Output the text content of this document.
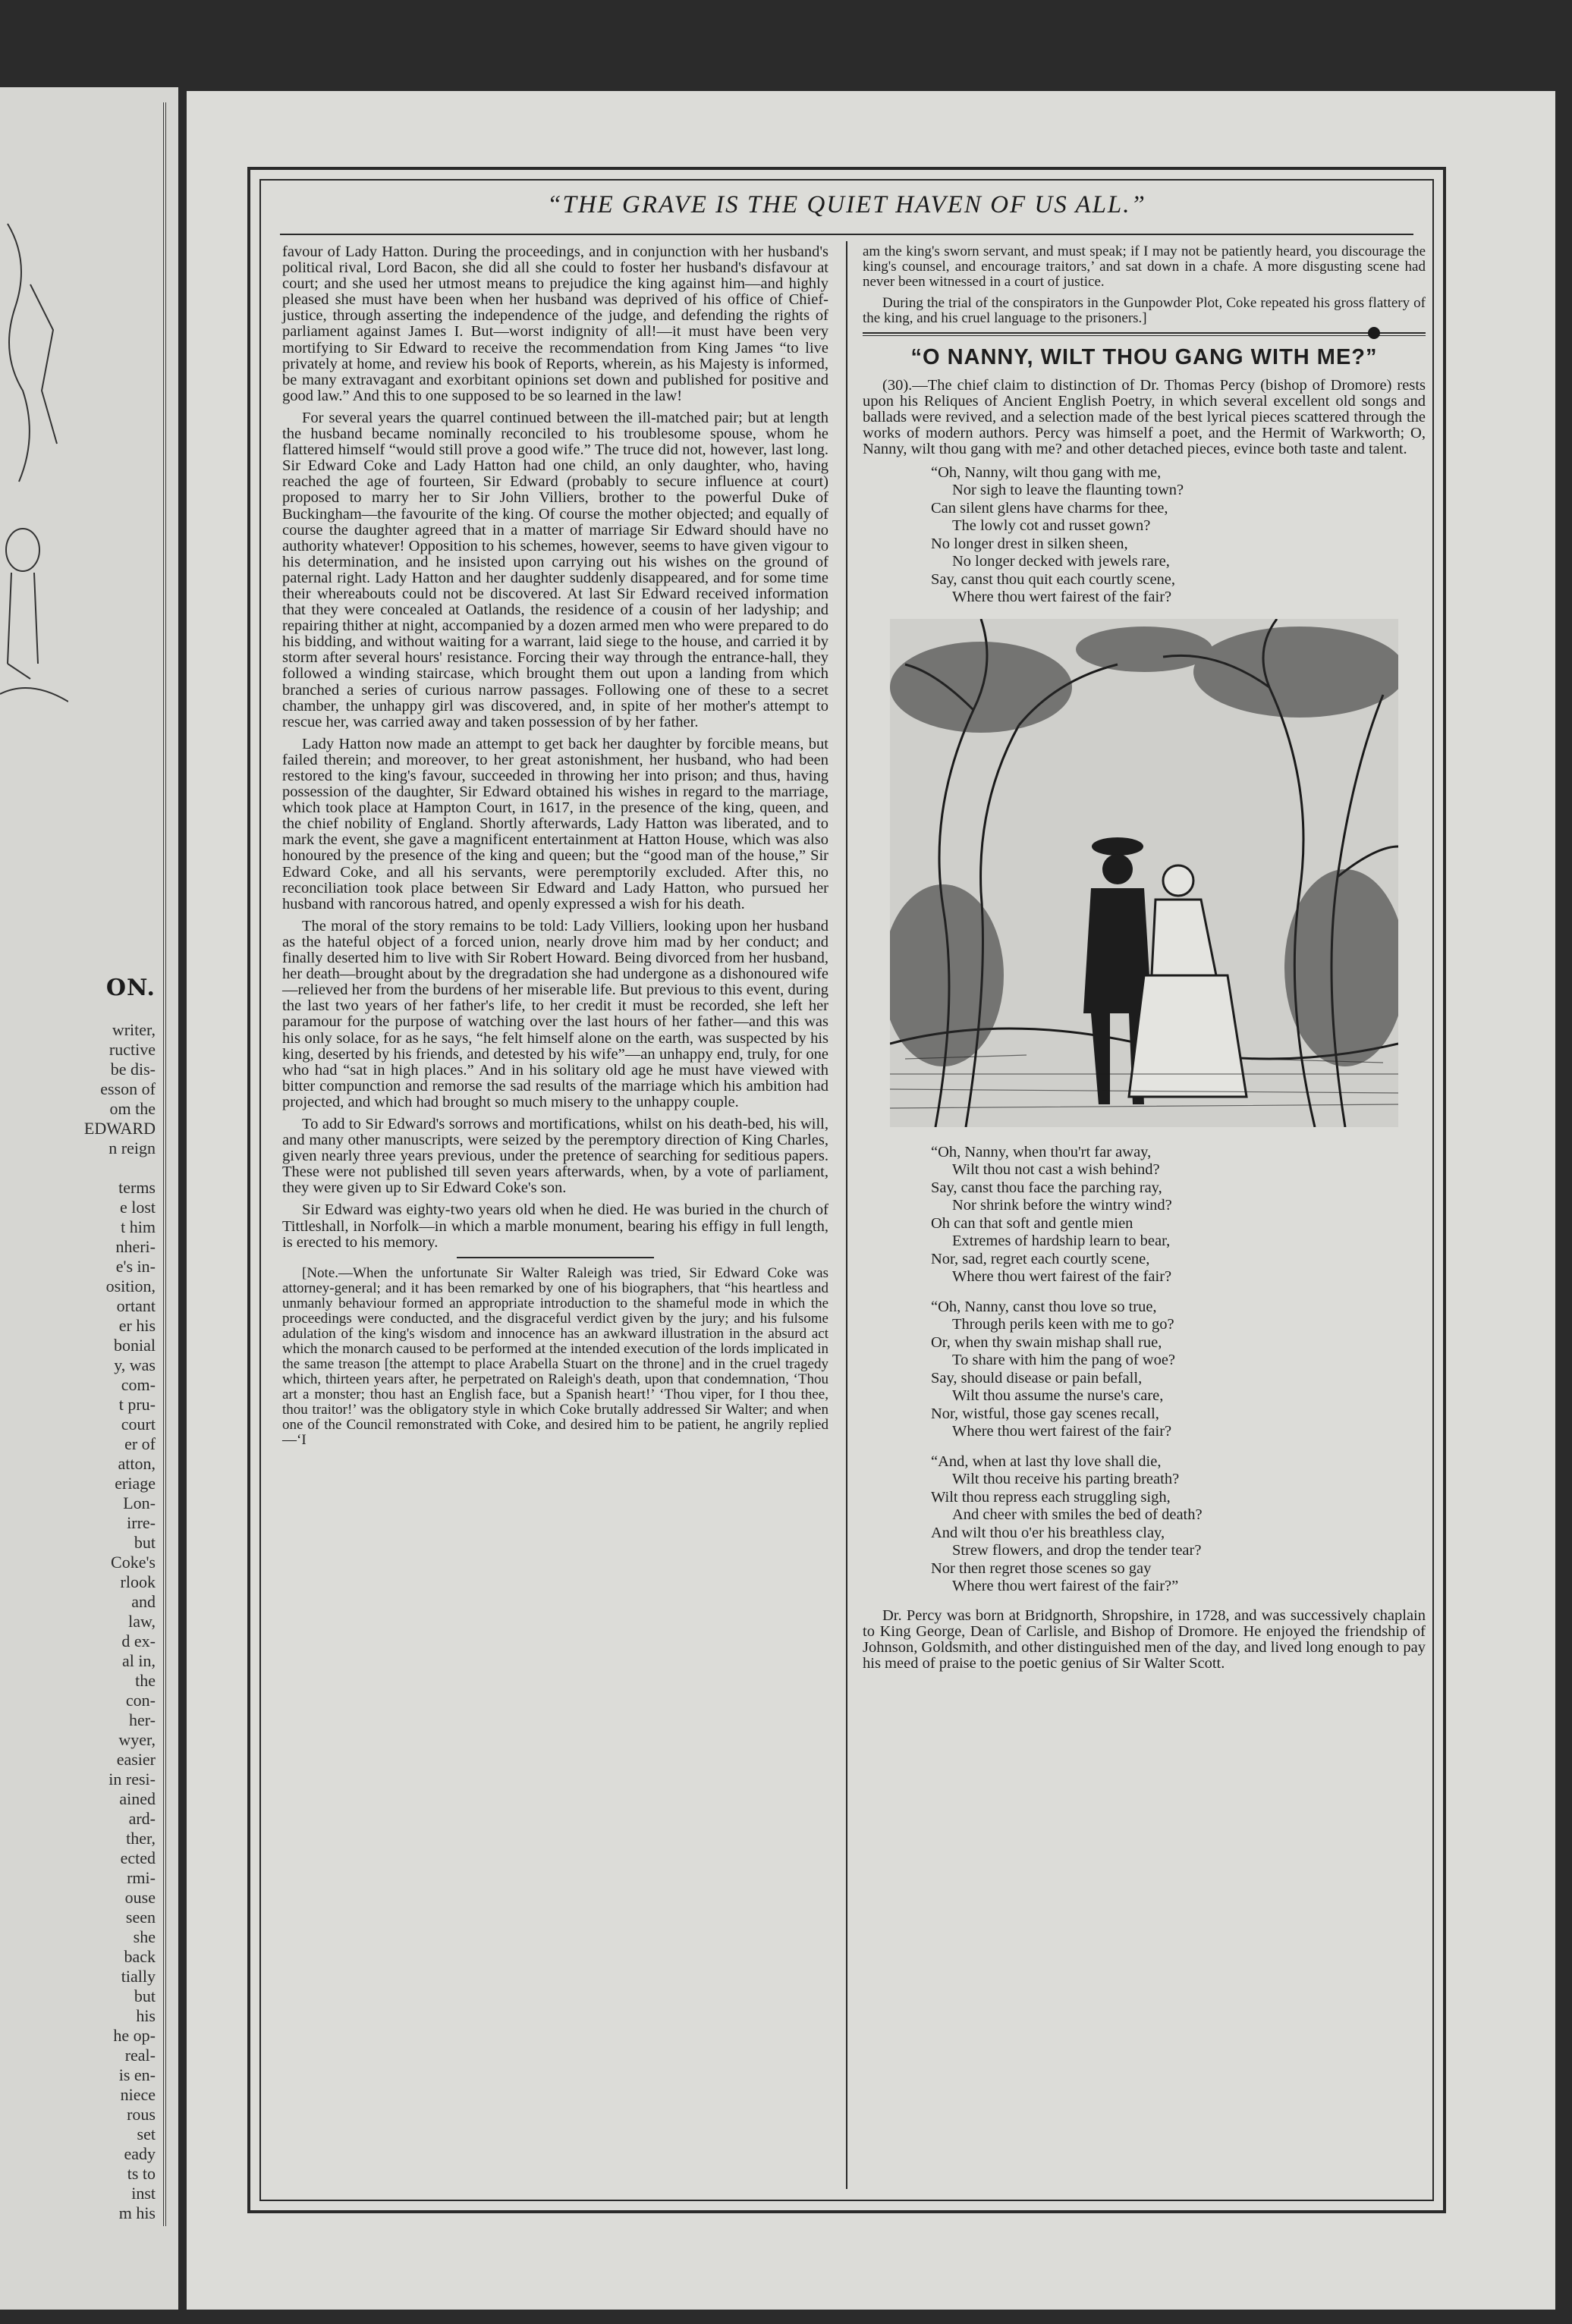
ON.
writer,
ructive
be dis-
esson of
om the
EDWARD
n reign

terms
e lost
t him
nheri-
e's in-
osition,
ortant
er his
bonial
y, was
com-
t pru-
court
er of
atton,
eriage
Lon-
irre-
but
Coke's
rlook
and
law,
d ex-
al in,
the
con-
her-
wyer,
easier
in resi-
ained
ard-
ther,
ected
rmi-
ouse
seen
she
back
tially
but
his
he op-
real-
is en-
niece
rous
set
eady
ts to
inst
m his
“THE GRAVE IS THE QUIET HAVEN OF US ALL.”

favour of Lady Hatton. During the proceedings, and in conjunction with her husband's political rival, Lord Bacon, she did all she could to foster her husband's disfavour at court; and she used her utmost means to prejudice the king against him—and highly pleased she must have been when her husband was deprived of his office of Chief-justice, through asserting the independence of the judge, and defending the rights of parliament against James I. But—worst indignity of all!—it must have been very mortifying to Sir Edward to receive the recommendation from King James “to live privately at home, and review his book of Reports, wherein, as his Majesty is informed, be many extravagant and exorbitant opinions set down and published for positive and good law.” And this to one supposed to be so learned in the law!

For several years the quarrel continued between the ill-matched pair; but at length the husband became nominally reconciled to his troublesome spouse, whom he flattered himself “would still prove a good wife.” The truce did not, however, last long. Sir Edward Coke and Lady Hatton had one child, an only daughter, who, having reached the age of fourteen, Sir Edward (probably to secure influence at court) proposed to marry her to Sir John Villiers, brother to the powerful Duke of Buckingham—the favourite of the king. Of course the mother objected; and equally of course the daughter agreed that in a matter of marriage Sir Edward should have no authority whatever! Opposition to his schemes, however, seems to have given vigour to his determination, and he insisted upon carrying out his wishes on the ground of paternal right. Lady Hatton and her daughter suddenly disappeared, and for some time their whereabouts could not be discovered. At last Sir Edward received information that they were concealed at Oatlands, the residence of a cousin of her ladyship; and repairing thither at night, accompanied by a dozen armed men who were prepared to do his bidding, and without waiting for a warrant, laid siege to the house, and carried it by storm after several hours' resistance. Forcing their way through the entrance-hall, they followed a winding staircase, which brought them out upon a landing from which branched a series of curious narrow passages. Following one of these to a secret chamber, the unhappy girl was discovered, and, in spite of her mother's attempt to rescue her, was carried away and taken possession of by her father.

Lady Hatton now made an attempt to get back her daughter by forcible means, but failed therein; and moreover, to her great astonishment, her husband, who had been restored to the king's favour, succeeded in throwing her into prison; and thus, having possession of the daughter, Sir Edward obtained his wishes in regard to the marriage, which took place at Hampton Court, in 1617, in the presence of the king, queen, and the chief nobility of England. Shortly afterwards, Lady Hatton was liberated, and to mark the event, she gave a magnificent entertainment at Hatton House, which was also honoured by the presence of the king and queen; but the “good man of the house,” Sir Edward Coke, and all his servants, were peremptorily excluded. After this, no reconciliation took place between Sir Edward and Lady Hatton, who pursued her husband with rancorous hatred, and openly expressed a wish for his death.

The moral of the story remains to be told: Lady Villiers, looking upon her husband as the hateful object of a forced union, nearly drove him mad by her conduct; and finally deserted him to live with Sir Robert Howard. Being divorced from her husband, her death—brought about by the dregradation she had undergone as a dishonoured wife—relieved her from the burdens of her miserable life. But previous to this event, during the last two years of her father's life, to her credit it must be recorded, she left her paramour for the purpose of watching over the last hours of her father—and this was his only solace, for as he says, “he felt himself alone on the earth, was suspected by his king, deserted by his friends, and detested by his wife”—an unhappy end, truly, for one who had “sat in high places.” And in his solitary old age he must have viewed with bitter compunction and remorse the sad results of the marriage which his ambition had projected, and which had brought so much misery to the unhappy couple.

To add to Sir Edward's sorrows and mortifications, whilst on his death-bed, his will, and many other manuscripts, were seized by the peremptory direction of King Charles, given nearly three years previous, under the pretence of searching for seditious papers. These were not published till seven years afterwards, when, by a vote of parliament, they were given up to Sir Edward Coke's son.

Sir Edward was eighty-two years old when he died. He was buried in the church of Tittleshall, in Norfolk—in which a marble monument, bearing his effigy in full length, is erected to his memory.

[Note.—When the unfortunate Sir Walter Raleigh was tried, Sir Edward Coke was attorney-general; and it has been remarked by one of his biographers, that “his heartless and unmanly behaviour formed an appropriate introduction to the shameful mode in which the proceedings were conducted, and the disgraceful verdict given by the jury; and his fulsome adulation of the king's wisdom and innocence has an awkward illustration in the absurd act which the monarch caused to be performed at the intended execution of the lords implicated in the same treason [the attempt to place Arabella Stuart on the throne] and in the cruel tragedy which, thirteen years after, he perpetrated on Raleigh's death, upon that condemnation, ‘Thou art a monster; thou hast an English face, but a Spanish heart!’ ‘Thou viper, for I thou thee, thou traitor!’ was the obligatory style in which Coke brutally addressed Sir Walter; and when one of the Council remonstrated with Coke, and desired him to be patient, he angrily replied—‘I

am the king's sworn servant, and must speak; if I may not be patiently heard, you discourage the king's counsel, and encourage traitors,’ and sat down in a chafe. A more disgusting scene had never been witnessed in a court of justice.

During the trial of the conspirators in the Gunpowder Plot, Coke repeated his gross flattery of the king, and his cruel language to the prisoners.]

“O NANNY, WILT THOU GANG WITH ME?”

(30).—The chief claim to distinction of Dr. Thomas Percy (bishop of Dromore) rests upon his Reliques of Ancient English Poetry, in which several excellent old songs and ballads were revived, and a selection made of the best lyrical pieces scattered through the works of modern authors. Percy was himself a poet, and the Hermit of Warkworth; O, Nanny, wilt thou gang with me? and other detached pieces, evince both taste and talent.

“Oh, Nanny, wilt thou gang with me,
Nor sigh to leave the flaunting town?
Can silent glens have charms for thee,
The lowly cot and russet gown?
No longer drest in silken sheen,
No longer decked with jewels rare,
Say, canst thou quit each courtly scene,
Where thou wert fairest of the fair?
“Oh, Nanny, when thou'rt far away,
Wilt thou not cast a wish behind?
Say, canst thou face the parching ray,
Nor shrink before the wintry wind?
Oh can that soft and gentle mien
Extremes of hardship learn to bear,
Nor, sad, regret each courtly scene,
Where thou wert fairest of the fair?
“Oh, Nanny, canst thou love so true,
Through perils keen with me to go?
Or, when thy swain mishap shall rue,
To share with him the pang of woe?
Say, should disease or pain befall,
Wilt thou assume the nurse's care,
Nor, wistful, those gay scenes recall,
Where thou wert fairest of the fair?
“And, when at last thy love shall die,
Wilt thou receive his parting breath?
Wilt thou repress each struggling sigh,
And cheer with smiles the bed of death?
And wilt thou o'er his breathless clay,
Strew flowers, and drop the tender tear?
Nor then regret those scenes so gay
Where thou wert fairest of the fair?”

Dr. Percy was born at Bridgnorth, Shropshire, in 1728, and was successively chaplain to King George, Dean of Carlisle, and Bishop of Dromore. He enjoyed the friendship of Johnson, Goldsmith, and other distinguished men of the day, and lived long enough to pay his meed of praise to the poetic genius of Sir Walter Scott.
